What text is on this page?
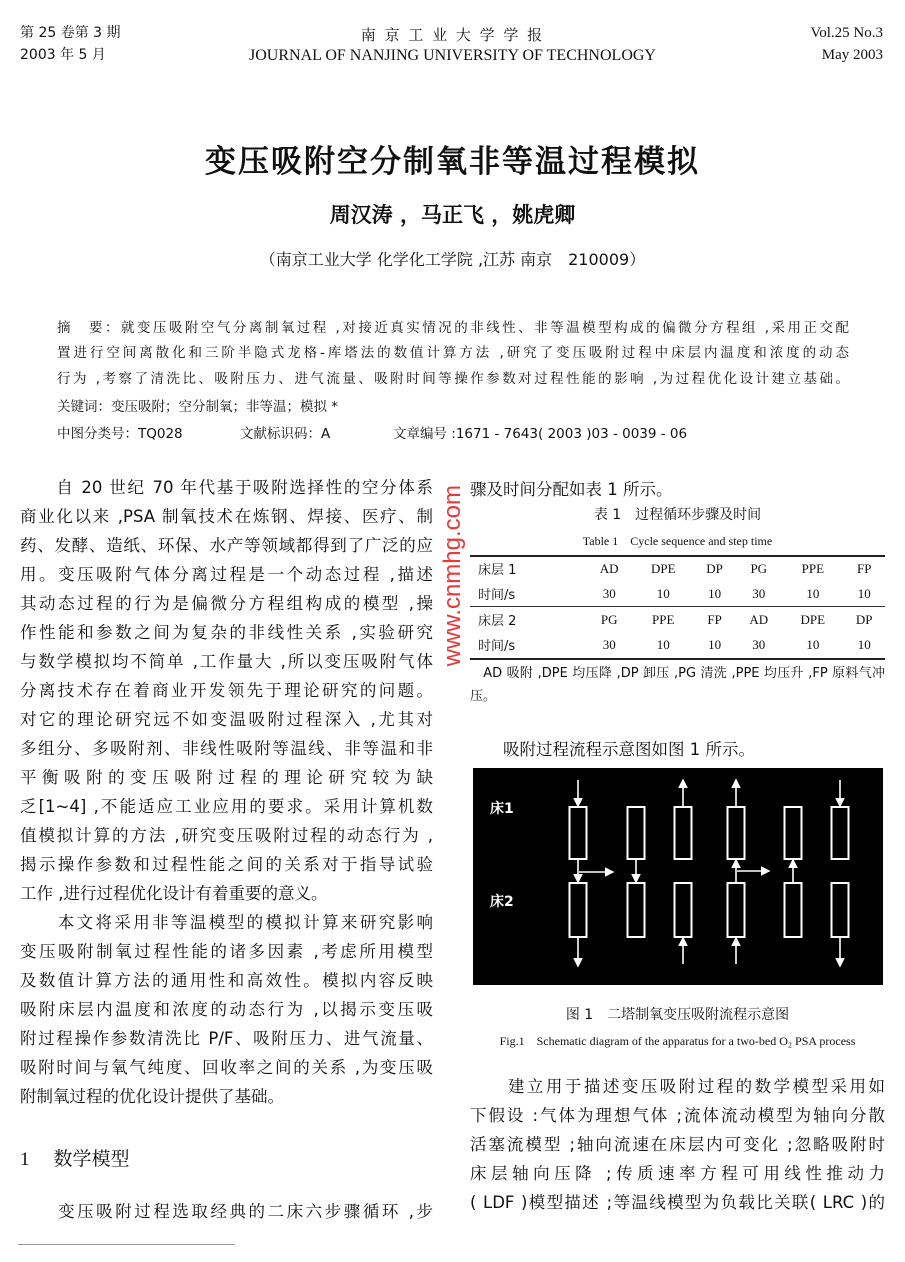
第 25 卷第 3 期
2003 年 5 月
南 京 工 业 大 学 学 报
JOURNAL OF NANJING UNIVERSITY OF TECHNOLOGY
Vol.25 No.3
May 2003
变压吸附空分制氧非等温过程模拟
周汉涛 ，马正飞 ，姚虎卿
（南京工业大学 化学化工学院 ,江苏 南京　210009）
摘　要：就变压吸附空气分离制氧过程 ,对接近真实情况的非线性、非等温模型构成的偏微分方程组 ,采用正交配
置进行空间离散化和三阶半隐式龙格-库塔法的数值计算方法 ,研究了变压吸附过程中床层内温度和浓度的动态
行为 ,考察了清洗比、吸附压力、进气流量、吸附时间等操作参数对过程性能的影响 ,为过程优化设计建立基础。
关键词：变压吸附；空分制氧；非等温；模拟 *
中图分类号：TQ028	文献标识码：A	文章编号 :1671 - 7643( 2003 )03 - 0039 - 06
　　自 20 世纪 70 年代基于吸附选择性的空分体系
商业化以来 ,PSA 制氧技术在炼钢、焊接、医疗、制
药、发酵、造纸、环保、水产等领域都得到了广泛的应
用。变压吸附气体分离过程是一个动态过程 ,描述
其动态过程的行为是偏微分方程组构成的模型 ,操
作性能和参数之间为复杂的非线性关系 ,实验研究
与数学模拟均不简单 ,工作量大 ,所以变压吸附气体
分离技术存在着商业开发领先于理论研究的问题。
对它的理论研究远不如变温吸附过程深入 ,尤其对
多组分、多吸附剂、非线性吸附等温线、非等温和非
平衡吸附的变压吸附过程的理论研究较为缺
乏[1~4] ,不能适应工业应用的要求。采用计算机数
值模拟计算的方法 ,研究变压吸附过程的动态行为 ,
揭示操作参数和过程性能之间的关系对于指导试验
工作 ,进行过程优化设计有着重要的意义。
　　本文将采用非等温模型的模拟计算来研究影响
变压吸附制氧过程性能的诸多因素 ,考虑所用模型
及数值计算方法的通用性和高效性。模拟内容反映
吸附床层内温度和浓度的动态行为 ,以揭示变压吸
附过程操作参数清洗比 P/F、吸附压力、进气流量、
吸附时间与氧气纯度、回收率之间的关系 ,为变压吸
附制氧过程的优化设计提供了基础。
1 数学模型
　　变压吸附过程选取经典的二床六步骤循环 ,步
骤及时间分配如表 1 所示。
表 1　过程循环步骤及时间
Table 1　Cycle sequence and step time
床层 1	AD	DPE	DP	PG	PPE	FP
时间/s	30	10	10	30	10	10
床层 2	PG	PPE	FP	AD	DPE	DP
时间/s	30	10	10	30	10	10
　AD 吸附 ,DPE 均压降 ,DP 卸压 ,PG 清洗 ,PPE 均压升 ,FP 原料气冲
压。
　　吸附过程流程示意图如图 1 所示。
床1
床2
图 1　二塔制氧变压吸附流程示意图
Fig.1　Schematic diagram of the apparatus for a two-bed O₂ PSA process
　　建立用于描述变压吸附过程的数学模型采用如
下假设 :气体为理想气体 ;流体流动模型为轴向分散
活塞流模型 ;轴向流速在床层内可变化 ;忽略吸附时
床层轴向压降 ;传质速率方程可用线性推动力
( LDF )模型描述 ;等温线模型为负载比关联( LRC )的
www.cnmhg.com
